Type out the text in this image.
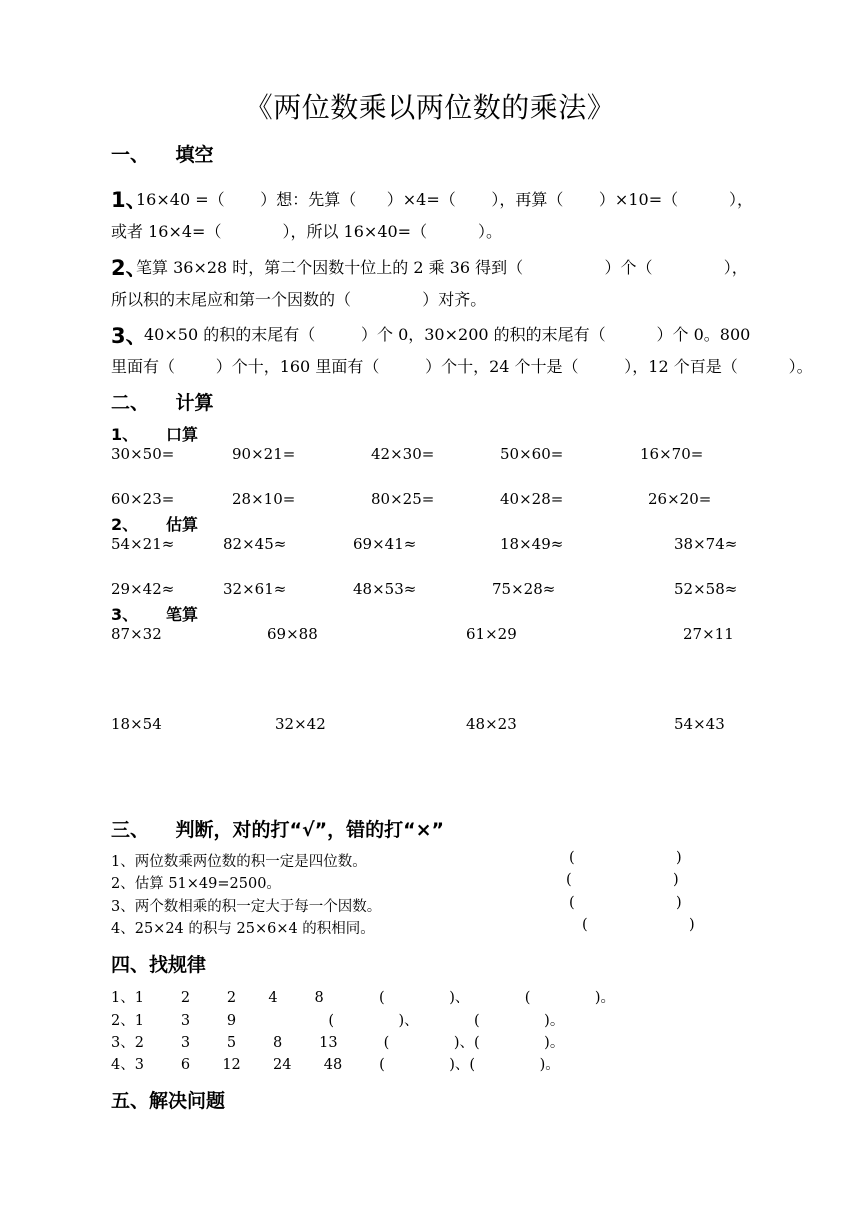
《两位数乘以两位数的乘法》
一、    填空
1、
16×40 =（       ）想：先算（      ）×4=（       ），再算（       ）×10=（          ），
或者 16×4=（            ），所以 16×40=（          ）。
2、
笔算 36×28 时，第二个因数十位上的 2 乘 36 得到（                ）个（              ），
所以积的末尾应和第一个因数的（              ）对齐。
3、
40×50 的积的末尾有（         ）个 0，30×200 的积的末尾有（          ）个 0。800
里面有（        ）个十，160 里面有（         ）个十，24 个十是（         ），12 个百是（          ）。
二、    计算
1、     口算
30×50=	90×21=	42×30=	50×60=	16×70=
60×23=	28×10=	80×25=	40×28=	26×20=
2、     估算
54×21≈	82×45≈	69×41≈	18×49≈	38×74≈
29×42≈	32×61≈	48×53≈	75×28≈	52×58≈
3、     笔算
87×32	69×88	61×29	27×11
18×54	32×42	48×23	54×43
三、    判断，对的打“√”，错的打“×”
1、两位数乘两位数的积一定是四位数。	(                      )
2、估算 51×49=2500。	(                      )
3、两个数相乘的积一定大于每一个因数。	(                      )
4、25×24 的积与 25×6×4 的积相同。	(                      )
四、找规律
1、1        2        2       4        8            (              )、            (              )。
2、1        3        9                    (              )、            (              )。
3、2        3        5        8        13          (              )、(              )。
4、3        6       12       24       48        (              )、(              )。
五、解决问题
